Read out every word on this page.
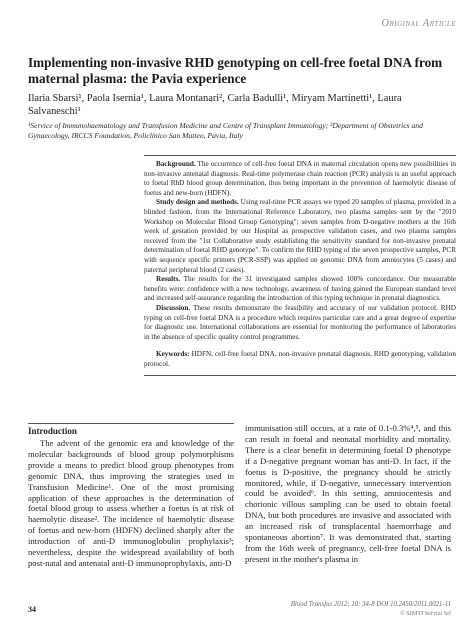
Original Article
Implementing non-invasive RHD genotyping on cell-free foetal DNA from maternal plasma: the Pavia experience
Ilaria Sbarsi¹, Paola Isernia¹, Laura Montanari², Carla Badulli¹, Miryam Martinetti¹, Laura Salvaneschi¹
¹Service of Immunohaematology and Transfusion Medicine and Centre of Transplant Immunology; ²Department of Obstetrics and Gynaecology, IRCCS Foundation, Policlinico San Matteo, Pavia, Italy

Background. The occurrence of cell-free foetal DNA in maternal circulation opens new possibilities in non-invasive antenatal diagnosis. Real-time polymerase chain reaction (PCR) analysis is an useful approach to foetal RhD blood group determination, thus being important in the prevention of haemolytic disease of foetus and new-born (HDFN).

Study design and methods. Using real-time PCR assays we typed 20 samples of plasma, provided in a blinded fashion, from the International Reference Laboratory, two plasma samples sent by the "2010 Workshop on Molecular Blood Group Genotyping"; seven samples from D-negative mothers at the 16th week of gestation provided by our Hospital as prospective validation cases, and two plasma samples received from the "1st Collaborative study establishing the sensitivity standard for non-invasive prenatal determination of foetal RHD genotype". To confirm the RHD typing of the seven prospective samples, PCR with sequence specific primers (PCR-SSP) was applied on genomic DNA from amniocytes (5 cases) and paternal peripheral blood (2 cases).

Results. The results for the 31 investigated samples showed 100% concordance. Our measurable benefits were: confidence with a new technology, awareness of having gained the European standard level and increased self-assurance regarding the introduction of this typing technique in prenatal diagnostics.

Discussion. These results demonstrate the feasibility and accuracy of our validation protocol. RHD typing on cell-free foetal DNA is a procedure which requires particular care and a great degree of expertise for diagnostic use. International collaborations are essential for monitoring the performance of laboratories in the absence of specific quality control programmes.

Keywords: HDFN, cell-free foetal DNA, non-invasive prenatal diagnosis, RHD genotyping, validation protocol.

Introduction

The advent of the genomic era and knowledge of the molecular backgrounds of blood group polymorphisms provide a means to predict blood group phenotypes from genomic DNA, thus improving the strategies used in Transfusion Medicine¹. One of the most promising application of these approaches is the determination of foetal blood group to assess whether a foetus is at risk of haemolytic disease². The incidence of haemolytic disease of foetus and new-born (HDFN) declined sharply after the introduction of anti-D immunoglobulin prophylaxis³; nevertheless, despite the widespread availability of both post-natal and antenatal anti-D immunoprophylaxis, anti-D

immunisation still occurs, at a rate of 0.1-0.3%⁴,⁵, and this can result in foetal and neonatal morbidity and mortality. There is a clear benefit in determining foetal D phenotype if a D-negative pregnant woman has anti-D. In fact, if the foetus is D-positive, the pregnancy should be strictly monitored, while, if D-negative, unnecessary intervention could be avoided⁶. In this setting, amniocentesis and chorionic villous sampling can be used to obtain foetal DNA, but both procedures are invasive and associated with an increased risk of transplacental haemorrhage and spontaneous abortion⁷. It was demonstrated that, starting from the 16th week of pregnancy, cell-free foetal DNA is present in the mother's plasma in

34
Blood Transfus 2012; 10: 34-8 DOI 10.2450/2011.0021-11
© SIMTI Servizi Srl
